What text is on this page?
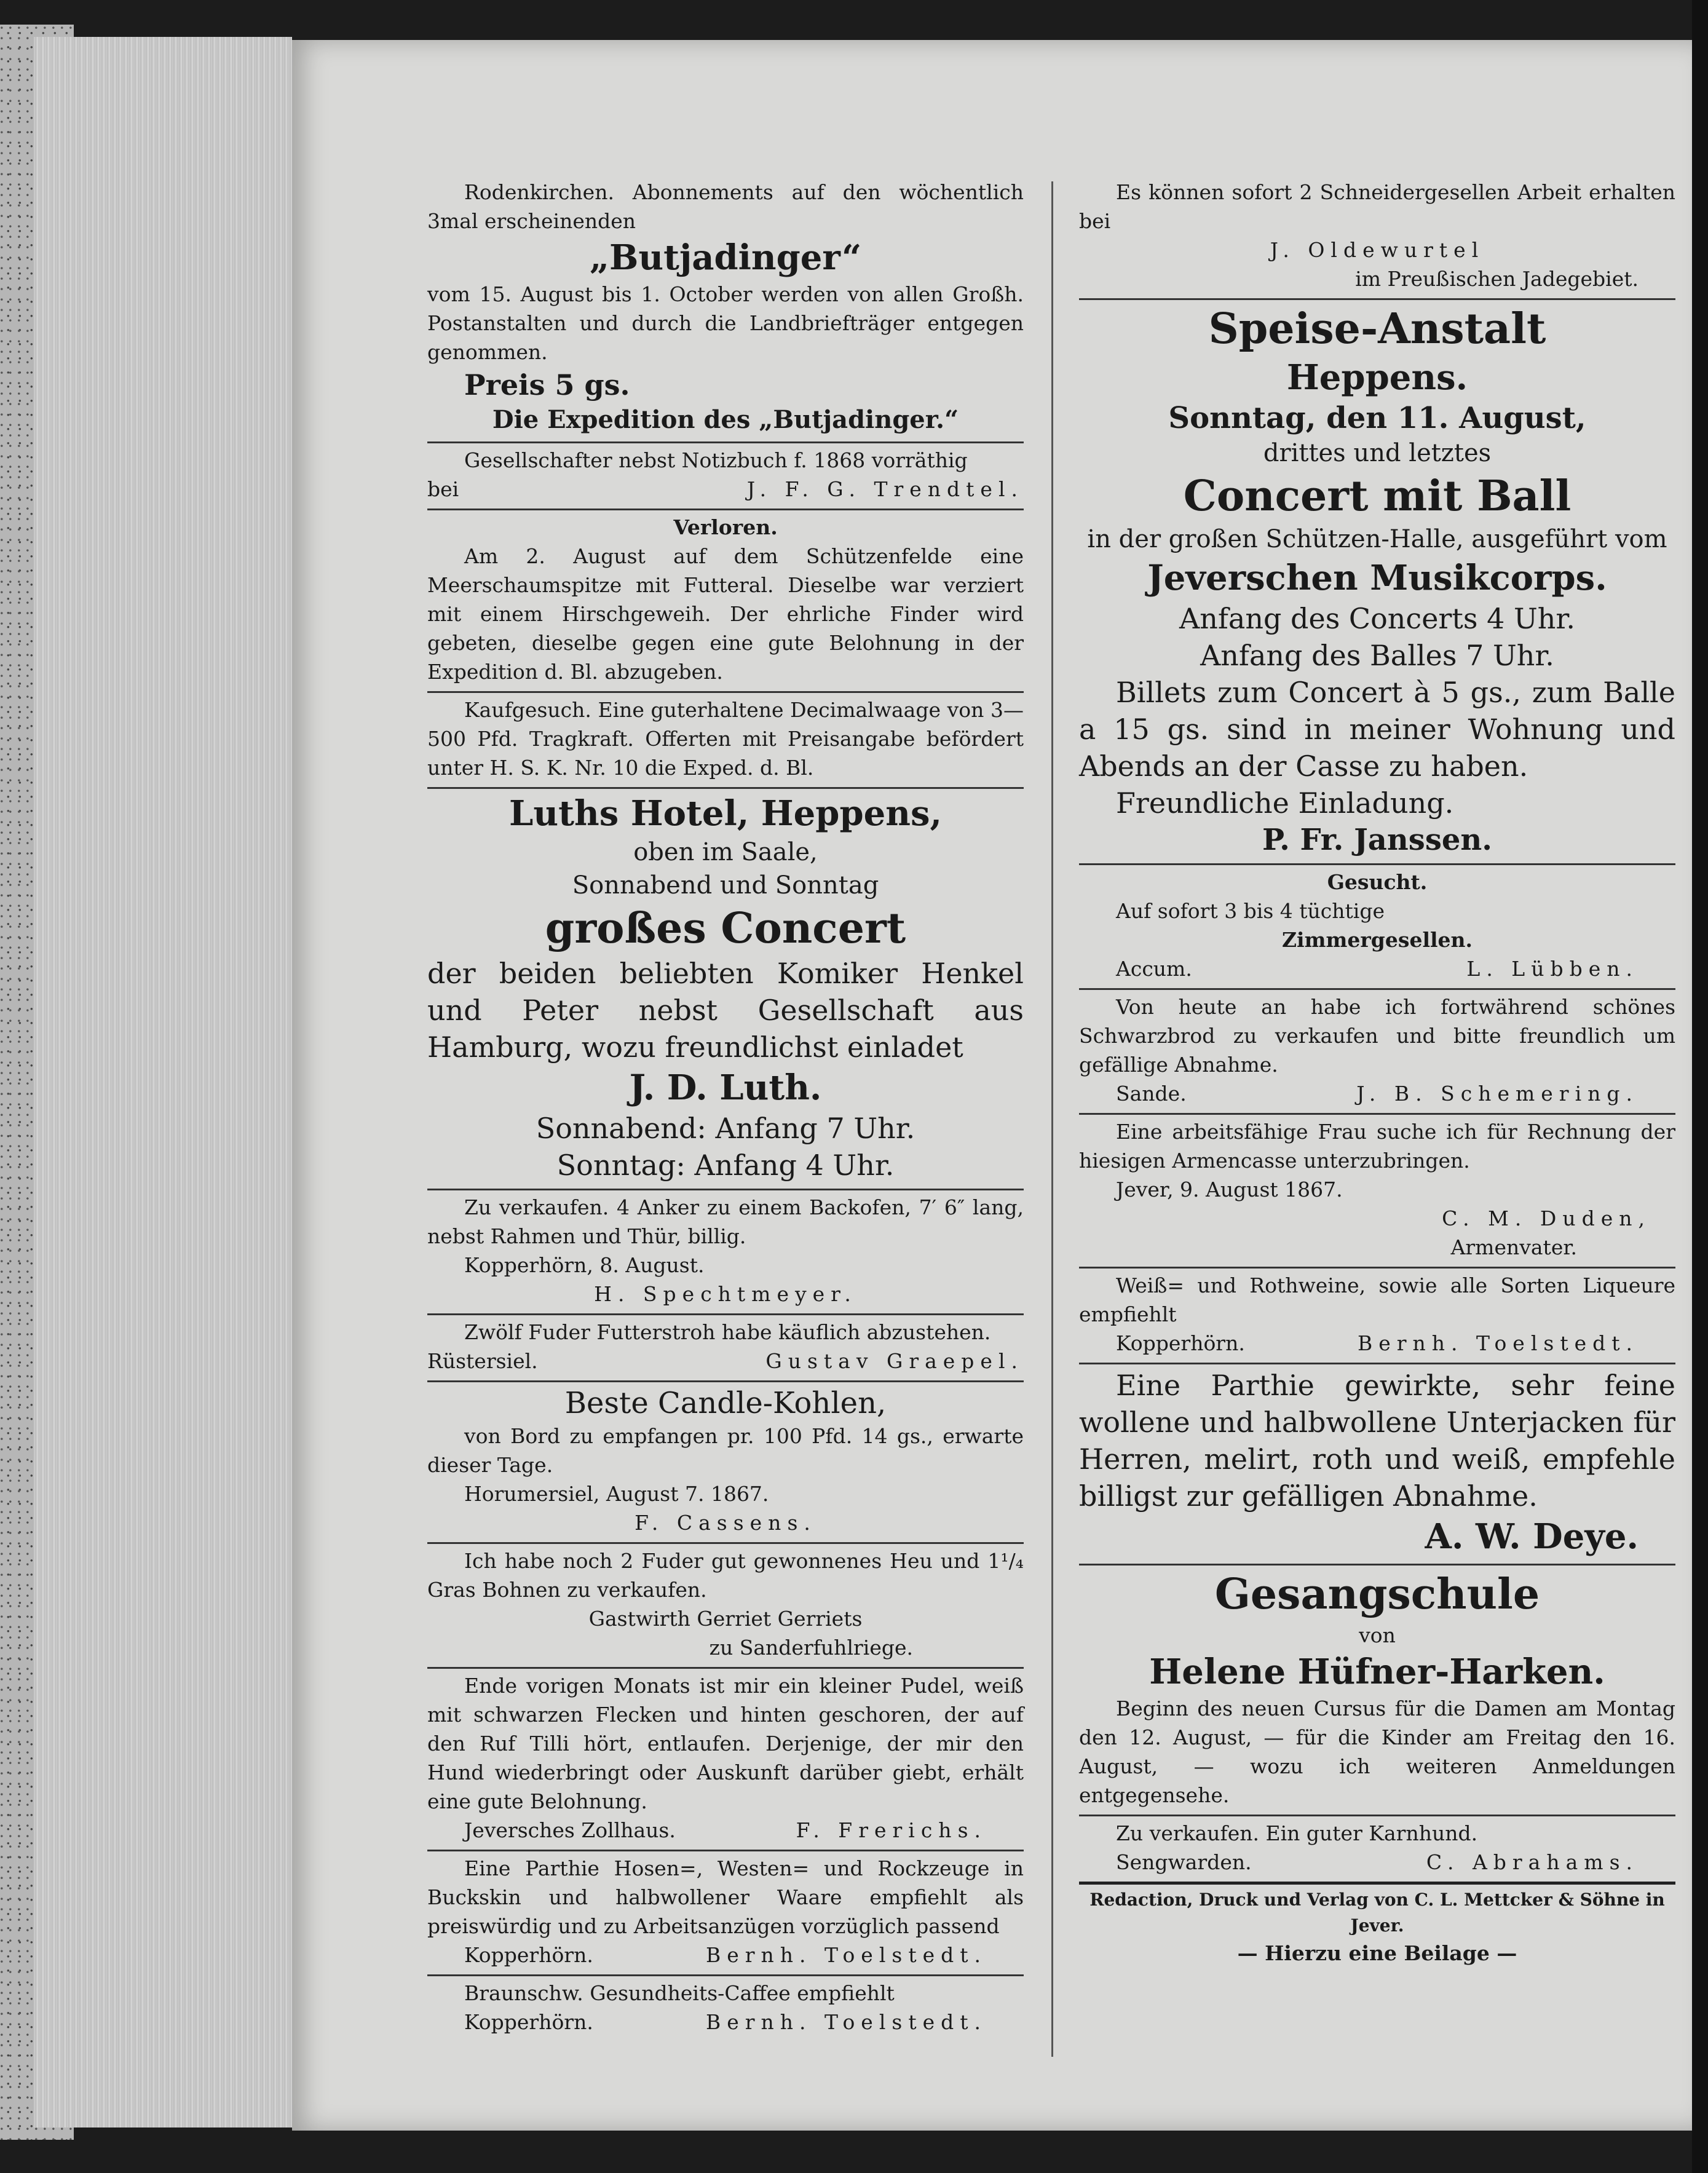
Rodenkirchen. Abonnements auf den wöchentlich 3mal erscheinenden

„Butjadinger“

vom 15. August bis 1. October werden von allen Großh. Postanstalten und durch die Landbriefträger entgegen genommen.

Preis 5 gs.

Die Expedition des „Butjadinger.“

Gesellschafter nebst Notizbuch f. 1868 vorräthig

bei	J. F. G. Trendtel.

Verloren.

Am 2. August auf dem Schützenfelde eine Meerschaumspitze mit Futteral. Dieselbe war verziert mit einem Hirschgeweih. Der ehrliche Finder wird gebeten, dieselbe gegen eine gute Belohnung in der Expedition d. Bl. abzugeben.

Kaufgesuch. Eine guterhaltene Decimalwaage von 3—500 Pfd. Tragkraft. Offerten mit Preisangabe befördert unter H. S. K. Nr. 10 die Exped. d. Bl.

Luths Hotel, Heppens,

oben im Saale,

Sonnabend und Sonntag

großes Concert

der beiden beliebten Komiker Henkel und Peter nebst Gesellschaft aus Hamburg, wozu freundlichst einladet

J. D. Luth.

Sonnabend: Anfang 7 Uhr.

Sonntag: Anfang 4 Uhr.

Zu verkaufen. 4 Anker zu einem Backofen, 7′ 6″ lang, nebst Rahmen und Thür, billig.

Kopperhörn, 8. August.

H. Spechtmeyer.

Zwölf Fuder Futterstroh habe käuflich abzustehen.

Rüstersiel.	Gustav Graepel.

Beste Candle-Kohlen,

von Bord zu empfangen pr. 100 Pfd. 14 gs., erwarte dieser Tage.

Horumersiel, August 7. 1867.

F. Cassens.

Ich habe noch 2 Fuder gut gewonnenes Heu und 1¹/₄ Gras Bohnen zu verkaufen.

Gastwirth Gerriet Gerriets

zu Sanderfuhlriege.

Ende vorigen Monats ist mir ein kleiner Pudel, weiß mit schwarzen Flecken und hinten geschoren, der auf den Ruf Tilli hört, entlaufen. Derjenige, der mir den Hund wiederbringt oder Auskunft darüber giebt, erhält eine gute Belohnung.

Jeversches Zollhaus.	F. Frerichs.

Eine Parthie Hosen=, Westen= und Rockzeuge in Buckskin und halbwollener Waare empfiehlt als preiswürdig und zu Arbeitsanzügen vorzüglich passend

Kopperhörn.	Bernh. Toelstedt.

Braunschw. Gesundheits-Caffee empfiehlt

Kopperhörn.	Bernh. Toelstedt.

Es können sofort 2 Schneidergesellen Arbeit erhalten bei

J. Oldewurtel

im Preußischen Jadegebiet.

Speise-Anstalt

Heppens.

Sonntag, den 11. August,

drittes und letztes

Concert mit Ball

in der großen Schützen-Halle, ausgeführt vom

Jeverschen Musikcorps.

Anfang des Concerts 4 Uhr.

Anfang des Balles 7 Uhr.

Billets zum Concert à 5 gs., zum Balle a 15 gs. sind in meiner Wohnung und Abends an der Casse zu haben.

Freundliche Einladung.

P. Fr. Janssen.

Gesucht.

Auf sofort 3 bis 4 tüchtige

Zimmergesellen.

Accum.	L. Lübben.

Von heute an habe ich fortwährend schönes Schwarzbrod zu verkaufen und bitte freundlich um gefällige Abnahme.

Sande.	J. B. Schemering.

Eine arbeitsfähige Frau suche ich für Rechnung der hiesigen Armencasse unterzubringen.

Jever, 9. August 1867.

C. M. Duden,

Armenvater.

Weiß= und Rothweine, sowie alle Sorten Liqueure empfiehlt

Kopperhörn.	Bernh. Toelstedt.

Eine Parthie gewirkte, sehr feine wollene und halbwollene Unterjacken für Herren, melirt, roth und weiß, empfehle billigst zur gefälligen Abnahme.

A. W. Deye.

Gesangschule

von

Helene Hüfner-Harken.

Beginn des neuen Cursus für die Damen am Montag den 12. August, — für die Kinder am Freitag den 16. August, — wozu ich weiteren Anmeldungen entgegensehe.

Zu verkaufen. Ein guter Karnhund.

Sengwarden.	C. Abrahams.

Redaction, Druck und Verlag von C. L. Mettcker & Söhne in Jever.

— Hierzu eine Beilage —
